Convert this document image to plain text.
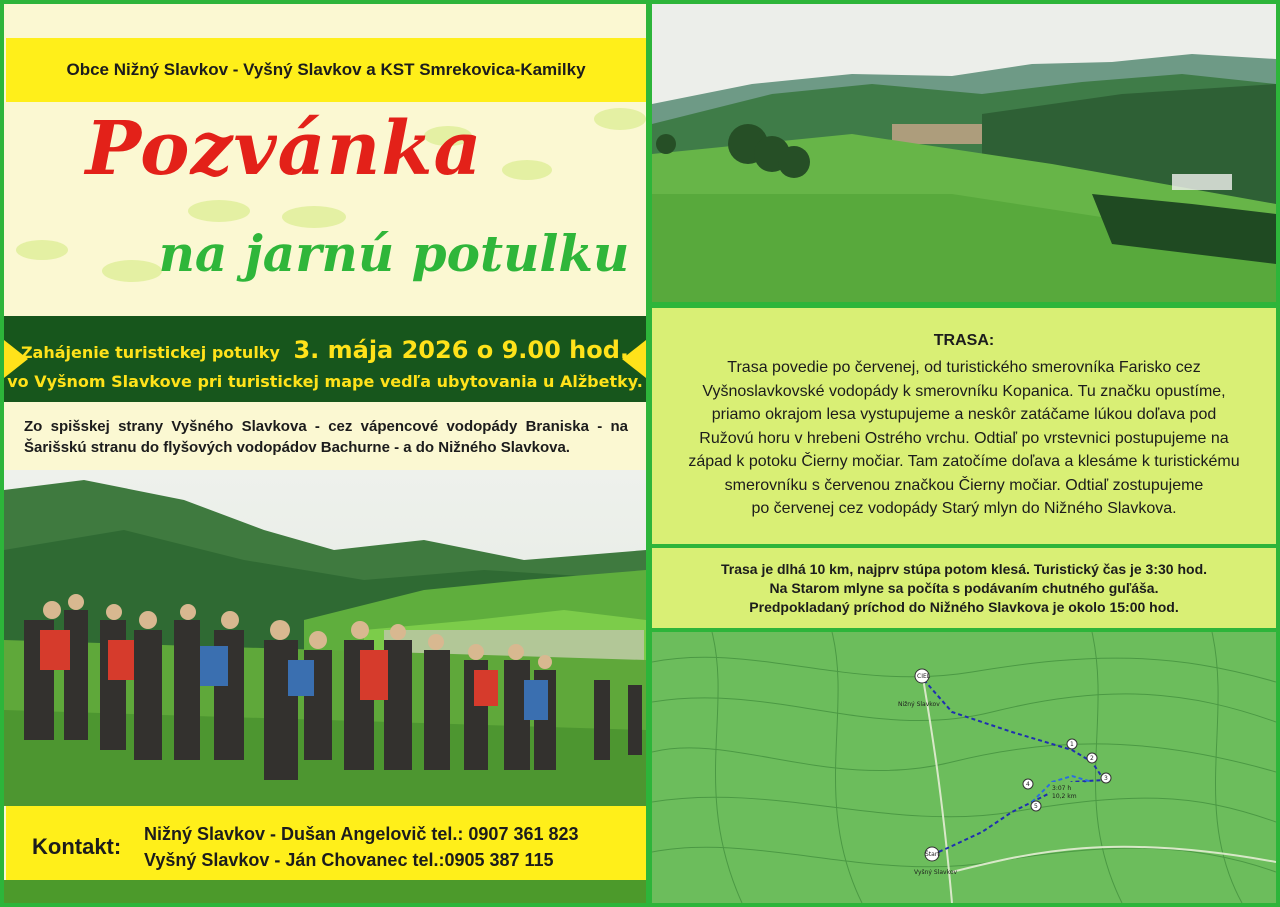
Obce Nižný Slavkov - Vyšný Slavkov a KST Smrekovica-Kamilky
Pozvánka
na jarnú potulku
Zahájenie turistickej potulky 3. mája 2026 o 9.00 hod.
vo Vyšnom Slavkove pri turistickej mape vedľa ubytovania u Alžbetky.
Zo spišskej strany Vyšného Slavkova - cez vápencové vodopády Braniska - na Šarišskú stranu do flyšových vodopádov Bachurne - a do Nižného Slavkova.
Kontakt: Nižný Slavkov - Dušan Angelovič tel.: 0907 361 823
Vyšný Slavkov - Ján Chovanec tel.:0905 387 115
TRASA:
Trasa povedie po červenej, od turistického smerovníka Farisko cez
Vyšnoslavkovské vodopády k smerovníku Kopanica. Tu značku opustíme,
priamo okrajom lesa vystupujeme a neskôr zatáčame lúkou doľava pod
Ružovú horu v hrebeni Ostrého vrchu. Odtiaľ po vrstevnici postupujeme na
západ k potoku Čierny močiar. Tam zatočíme doľava a klesáme k turistickému
smerovníku s červenou značkou Čierny močiar. Odtiaľ zostupujeme
po červenej cez vodopády Starý mlyn do Nižného Slavkova.
Trasa je dlhá 10 km, najprv stúpa potom klesá. Turistický čas je 3:30 hod.
Na Starom mlyne sa počíta s podávaním chutného guľáša.
Predpokladaný príchod do Nižného Slavkova je okolo 15:00 hod.
CIEĽ
Nižný Slavkov
Štart
Vyšný Slavkov
1
2
3
4
5
3:07 h
10,2 km
